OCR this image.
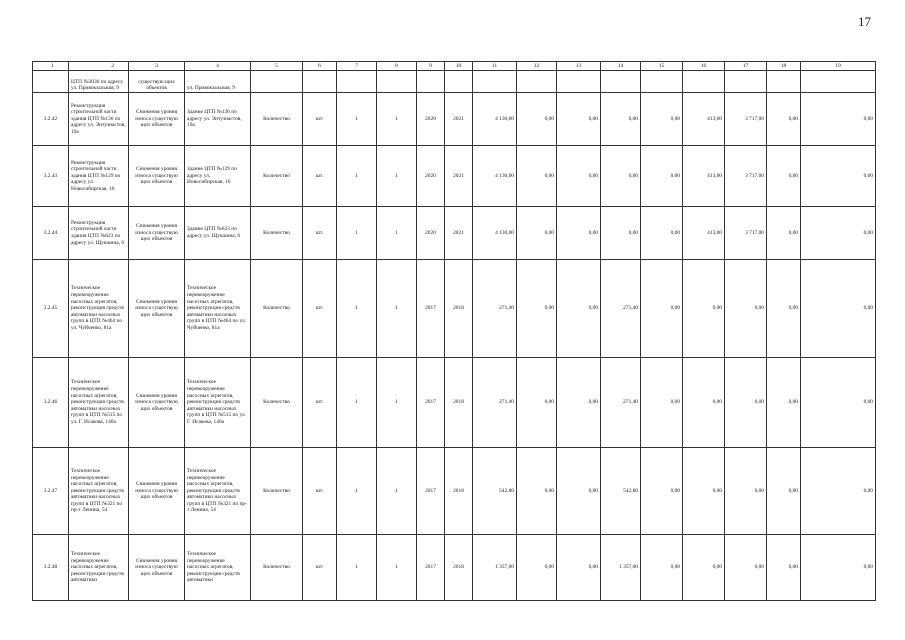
17
1	2	3	4	5	6	7	8	9	10	11	12	13	14	15	16	17	18	19
	ЦТП №3036 по адресу ул. Привокзальная, 9	существую щих объектов	ул. Привокзальная, 9															
3.2.42	Реконструкция строительной части здания ЦТП №136 по адресу ул. Энтузиастов, 19а	Снижения уровня износа существую щих объектов	Здание ЦТП №136 по адресу ул. Энтузиастов, 19а	Количество	шт.	1	1	2020	2021	4 130,00	0,00	0,00	0,00	0,00	413,00	3 717,00	0,00	0,00
3.2.43	Реконструкция строительной части здания ЦТП №129 по адресу ул. Новосибирская, 16	Снижения уровня износа существую щих объектов	Здание ЦТП №129 по адресу ул. Новосибирская, 16	Количество	шт.	1	1	2020	2021	4 130,00	0,00	0,00	0,00	0,00	413,00	3 717,00	0,00	0,00
3.2.44	Реконструкция строительной части здания ЦТП №623 по адресу ул. Щукшина, 6	Снижения уровня износа существую щих объектов	Здание ЦТП №623 по адресу ул. Щукшина, 6	Количество	шт.	1	1	2020	2021	4 130,00	0,00	0,00	0,00	0,00	413,00	3 717,00	0,00	0,00
3.2.45	Техническое перевооружение насосных агрегатов, реконструкция средств автоматики насосных групп в ЦТП №464 по ул. Чуйченко, 81а	Снижения уровня износа существую щих объектов	Техническое перевооружение насосных агрегатов, реконструкция средств автоматики насосных групп в ЦТП №464 по ул. Чуйченко, 81а	Количество	шт.	1	1	2017	2018	271,40	0,00	0,00	271,40	0,00	0,00	0,00	0,00	0,00
3.2.46	Техническое перевооружение насосных агрегатов, реконструкция средств автоматики насосных групп в ЦТП №515 по ул. Г. Исакова, 140а	Снижения уровня износа существую щих объектов	Техническое перевооружение насосных агрегатов, реконструкция средств автоматики насосных групп в ЦТП №515 по ул. Г. Исакова, 140а	Количество	шт.	1	1	2017	2018	271,40	0,00	0,00	271,40	0,00	0,00	0,00	0,00	0,00
3.2.47	Техническое перевооружение насосных агрегатов, реконструкция средств автоматики насосных групп в ЦТП №321 по пр-т Ленина, 54	Снижения уровня износа существую щих объектов	Техническое перевооружение насосных агрегатов, реконструкция средств автоматики насосных групп в ЦТП №321 по пр-т Ленина, 54	Количество	шт.	1	1	2017	2018	542,80	0,00	0,00	542,80	0,00	0,00	0,00	0,00	0,00
3.2.48	Техническое перевооружение насосных агрегатов, реконструкция средств автоматики	Снижения уровня износа существую щих объектов	Техническое перевооружение насосных агрегатов, реконструкция средств автоматики	Количество	шт.	1	1	2017	2018	1 357,00	0,00	0,00	1 357,00	0,00	0,00	0,00	0,00	0,00
